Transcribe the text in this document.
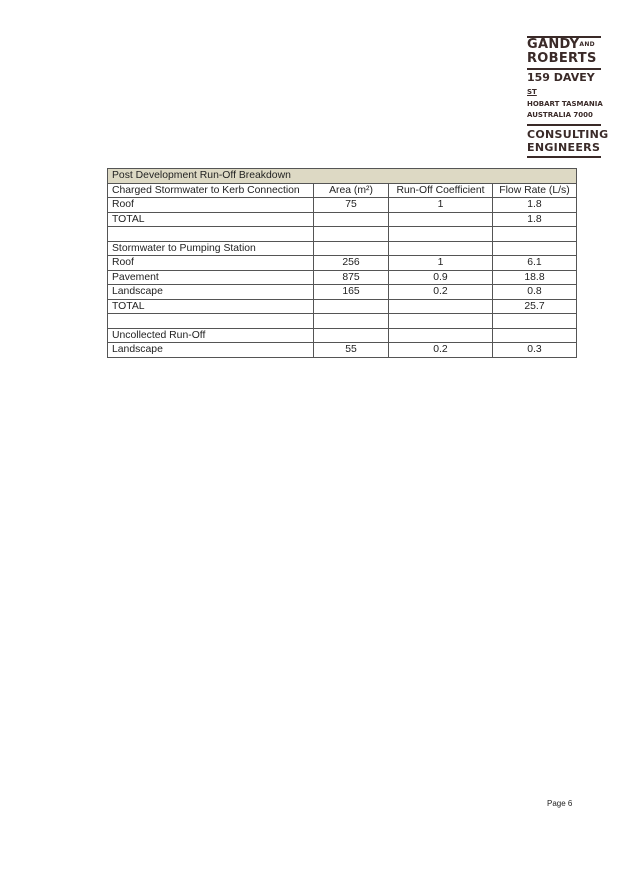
$GANDY^{AND}$
ROBERTS
159 DAVEY $^{ST}$
HOBART TASMANIA
AUSTRALIA 7000
CONSULTING
ENGINEERS
Post Development Run-Off Breakdown			
Charged Stormwater to Kerb Connection	Area (m²)	Run-Off Coefficient	Flow Rate (L/s)
Roof	75	1	1.8
TOTAL			1.8

Stormwater to Pumping Station			
Roof	256	1	6.1
Pavement	875	0.9	18.8
Landscape	165	0.2	0.8
TOTAL			25.7

Uncollected Run-Off			
Landscape	55	0.2	0.3
Page 6
